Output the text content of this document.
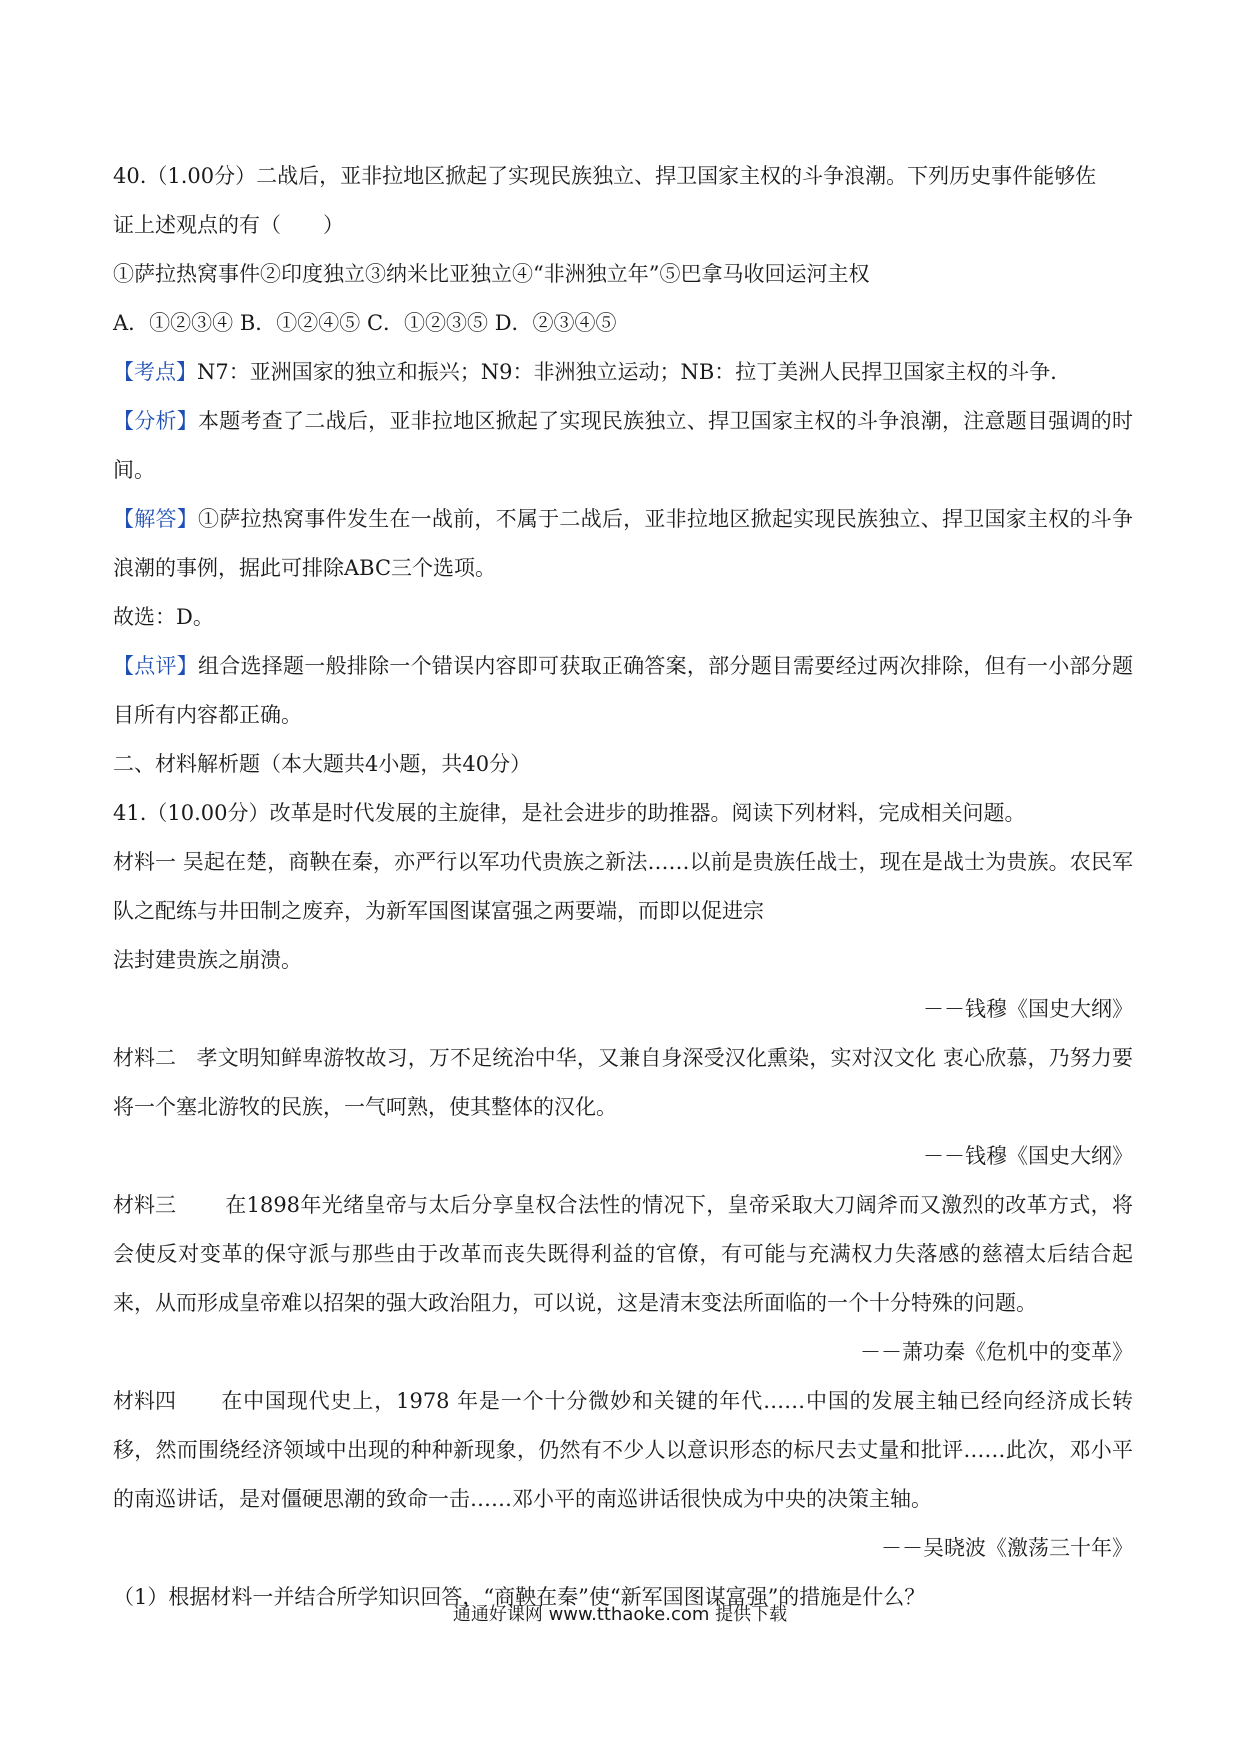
40.（1.00分）二战后，亚非拉地区掀起了实现民族独立、捍卫国家主权的斗争浪潮。下列历史事件能够佐
证上述观点的有（　　）
①萨拉热窝事件②印度独立③纳米比亚独立④“非洲独立年”⑤巴拿马收回运河主权
A．①②③④ B．①②④⑤ C．①②③⑤ D．②③④⑤
【考点】N7：亚洲国家的独立和振兴；N9：非洲独立运动；NB：拉丁美洲人民捍卫国家主权的斗争．
【分析】本题考查了二战后，亚非拉地区掀起了实现民族独立、捍卫国家主权的斗争浪潮，注意题目强调的时间。
【解答】①萨拉热窝事件发生在一战前，不属于二战后，亚非拉地区掀起实现民族独立、捍卫国家主权的斗争浪潮的事例，据此可排除ABC三个选项。
故选：D。
【点评】组合选择题一般排除一个错误内容即可获取正确答案，部分题目需要经过两次排除，但有一小部分题目所有内容都正确。
二、材料解析题（本大题共4小题，共40分）
41.（10.00分）改革是时代发展的主旋律，是社会进步的助推器。阅读下列材料，完成相关问题。
材料一 吴起在楚，商鞅在秦，亦严行以军功代贵族之新法……以前是贵族任战士，现在是战士为贵族。农民军队之配练与井田制之废弃，为新军国图谋富强之两要端，而即以促进宗
法封建贵族之崩溃。
－－钱穆《国史大纲》
材料二 孝文明知鲜卑游牧故习，万不足统治中华，又兼自身深受汉化熏染，实对汉文化 衷心欣慕，乃努力要将一个塞北游牧的民族，一气呵熟，使其整体的汉化。
－－钱穆《国史大纲》
材料三 在1898年光绪皇帝与太后分享皇权合法性的情况下，皇帝采取大刀阔斧而又激烈的改革方式，将会使反对变革的保守派与那些由于改革而丧失既得利益的官僚，有可能与充满权力失落感的慈禧太后结合起来，从而形成皇帝难以招架的强大政治阻力，可以说，这是清末变法所面临的一个十分特殊的问题。
－－萧功秦《危机中的变革》
材料四 在中国现代史上，1978 年是一个十分微妙和关键的年代……中国的发展主轴已经向经济成长转移，然而围绕经济领域中出现的种种新现象，仍然有不少人以意识形态的标尺去丈量和批评……此次，邓小平的南巡讲话，是对僵硬思潮的致命一击……邓小平的南巡讲话很快成为中央的决策主轴。
－－吴晓波《激荡三十年》
（1）根据材料一并结合所学知识回答，“商鞅在秦”使“新军国图谋富强”的措施是什么？
通通好课网 www.tthaoke.com 提供下载
